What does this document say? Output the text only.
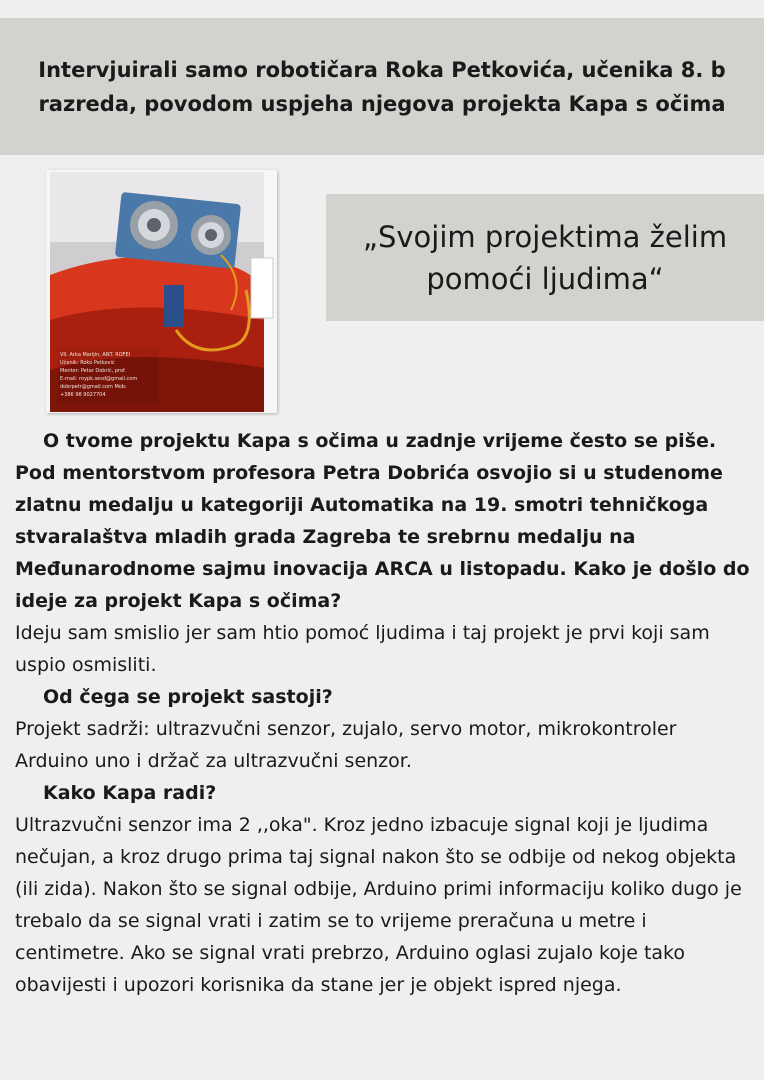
Intervjuirali samo robotičara Roka Petkovića, učenika 8. b razreda, povodom uspjeha njegova projekta Kapa s očima
VII. Arka Marijin, ANT. ROFEI
Učenik: Roko Petković
Mentor: Petar Dobrić, prof.
E-mail: roypk.sesd@gmail.com
dobrpetr@gmail.com Mob:
+386 98 9027704
„Svojim projektima želim pomoći ljudima“

O tvome projektu Kapa s očima u zadnje vrijeme često se piše. Pod mentorstvom profesora Petra Dobrića osvojio si u studenome zlatnu medalju u kategoriji Automatika na 19. smotri tehničkoga stvaralaštva mladih grada Zagreba te srebrnu medalju na Međunarodnome sajmu inovacija ARCA u listopadu. Kako je došlo do ideje za projekt Kapa s očima?

Ideju sam smislio jer sam htio pomoć ljudima i taj projekt je prvi koji sam uspio osmisliti.

Od čega se projekt sastoji?

Projekt sadrži: ultrazvučni senzor, zujalo, servo motor, mikrokontroler Arduino uno i držač za ultrazvučni senzor.

Kako Kapa radi?

Ultrazvučni senzor ima 2 ,,oka". Kroz jedno izbacuje signal koji je ljudima nečujan, a kroz drugo prima taj signal nakon što se odbije od nekog objekta (ili zida). Nakon što se signal odbije, Arduino primi informaciju koliko dugo je trebalo da se signal vrati i zatim se to vrijeme preračuna u metre i centimetre. Ako se signal vrati prebrzo, Arduino oglasi zujalo koje tako obavijesti i upozori korisnika da stane jer je objekt ispred njega.
